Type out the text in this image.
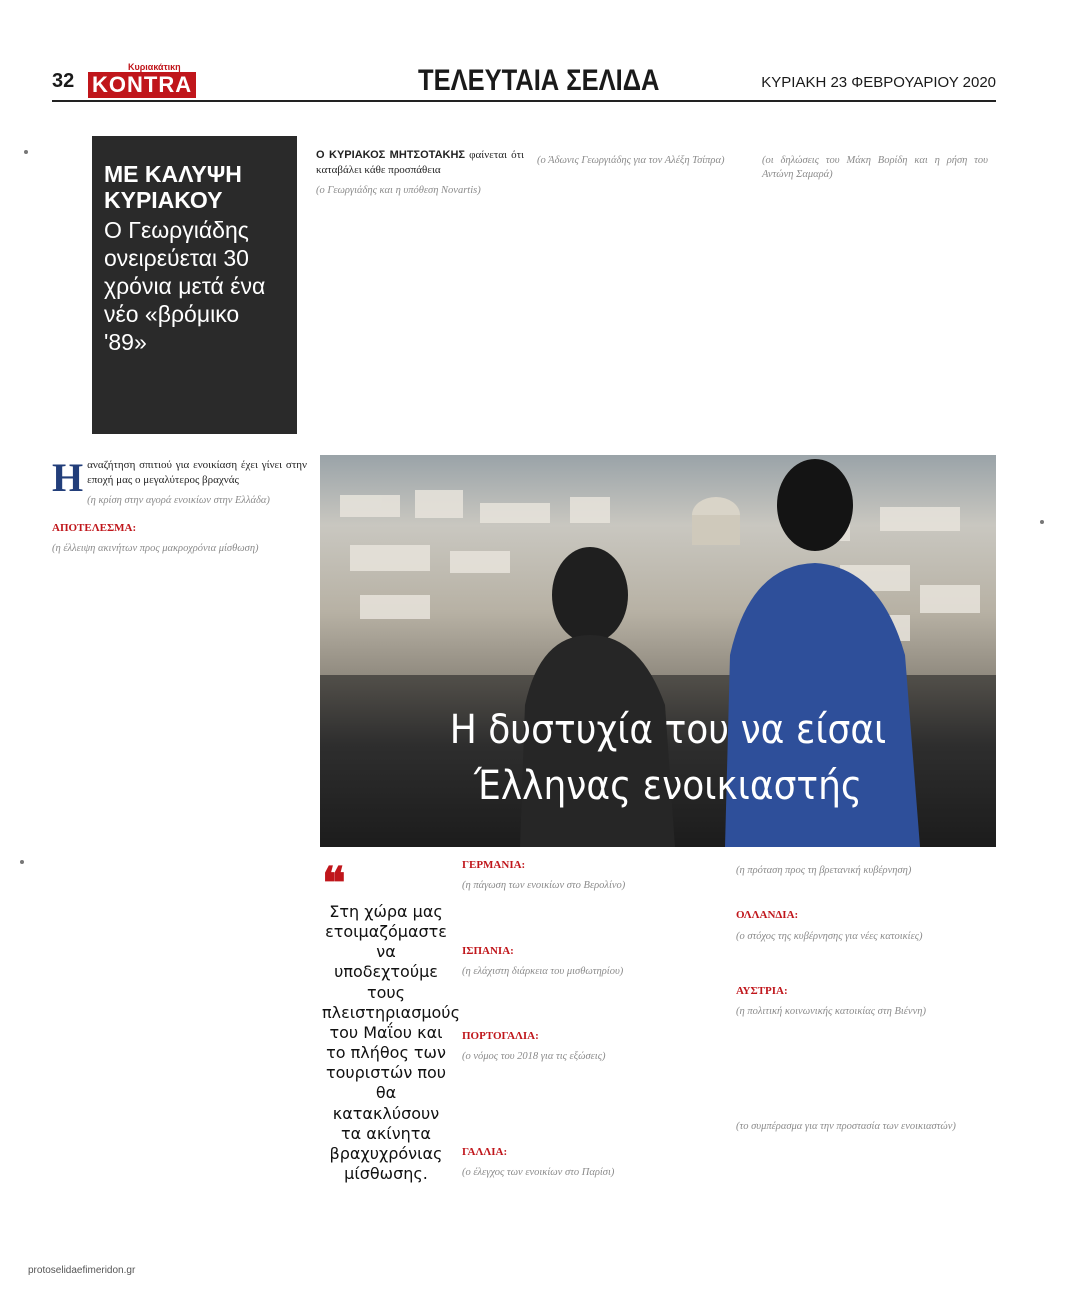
32
Κυριακάτικη
KONTRA	ΤΕΛΕΥΤΑΙΑ ΣΕΛΙΔΑ	ΚΥΡΙΑΚΗ 23 ΦΕΒΡΟΥΑΡΙΟΥ 2020
ΜΕ ΚΑΛΥΨΗ ΚΥΡΙΑΚΟΥ
Ο Γεωργιάδης ονειρεύεται 30 χρόνια μετά ένα νέο «βρόμικο '89»

Ο ΚΥΡΙΑΚΟΣ ΜΗΤΣΟΤΑΚΗΣ φαίνεται ότι καταβάλει κάθε προσπάθεια

(ο Γεωργιάδης και η υπόθεση Novartis)

(ο Άδωνις Γεωργιάδης για τον Αλέξη Τσίπρα)	(οι δηλώσεις του Μάκη Βορίδη και η ρήση του Αντώνη Σαμαρά)

Ηαναζήτηση σπιτιού για ενοικίαση έχει γίνει στην εποχή μας ο μεγαλύτερος βραχνάς

(η κρίση στην αγορά ενοικίων στην Ελλάδα)

ΑΠΟΤΕΛΕΣΜΑ:

(η έλλειψη ακινήτων προς μακροχρόνια μίσθωση)

Η δυστυχία του να είσαι
Έλληνας ενοικιαστής
❝
Στη χώρα μας ετοιμαζόμαστε να υποδεχτούμε τους πλειστηριασμούς του Μαΐου και το πλήθος των τουριστών που θα κατακλύσουν τα ακίνητα βραχυχρόνιας μίσθωσης.

ΓΕΡΜΑΝΙΑ:

(η πάγωση των ενοικίων στο Βερολίνο)

ΙΣΠΑΝΙΑ:

(η ελάχιστη διάρκεια του μισθωτηρίου)

ΠΟΡΤΟΓΑΛΙΑ:

(ο νόμος του 2018 για τις εξώσεις)

ΓΑΛΛΙΑ:

(ο έλεγχος των ενοικίων στο Παρίσι)

(η πρόταση προς τη βρετανική κυβέρνηση)

ΟΛΛΑΝΔΙΑ:

(ο στόχος της κυβέρνησης για νέες κατοικίες)

ΑΥΣΤΡΙΑ:

(η πολιτική κοινωνικής κατοικίας στη Βιέννη)

(το συμπέρασμα για την προστασία των ενοικιαστών)

protoselidaefimeridon.gr
